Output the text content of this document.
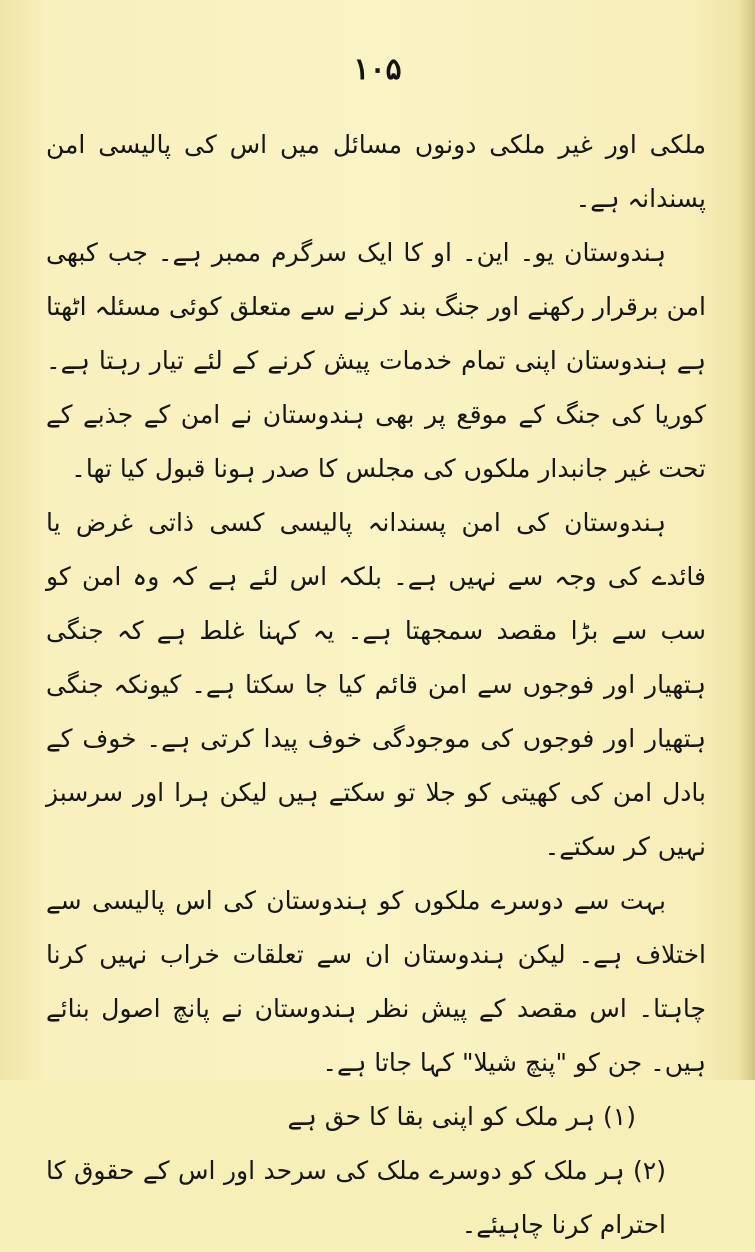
۱۰۵

ملکی اور غیر ملکی دونوں مسائل میں اس کی پالیسی امن پسندانہ ہے۔

ہندوستان یو۔ این۔ او کا ایک سرگرم ممبر ہے۔ جب کبھی امن برقرار رکھنے اور جنگ بند کرنے سے متعلق کوئی مسئلہ اٹھتا ہے ہندوستان اپنی تمام خدمات پیش کرنے کے لئے تیار رہتا ہے۔ کوریا کی جنگ کے موقع پر بھی ہندوستان نے امن کے جذبے کے تحت غیر جانبدار ملکوں کی مجلس کا صدر ہونا قبول کیا تھا۔

ہندوستان کی امن پسندانہ پالیسی کسی ذاتی غرض یا فائدے کی وجہ سے نہیں ہے۔ بلکہ اس لئے ہے کہ وہ امن کو سب سے بڑا مقصد سمجھتا ہے۔ یہ کہنا غلط ہے کہ جنگی ہتھیار اور فوجوں سے امن قائم کیا جا سکتا ہے۔ کیونکہ جنگی ہتھیار اور فوجوں کی موجودگی خوف پیدا کرتی ہے۔ خوف کے بادل امن کی کھیتی کو جلا تو سکتے ہیں لیکن ہرا اور سرسبز نہیں کر سکتے۔

بہت سے دوسرے ملکوں کو ہندوستان کی اس پالیسی سے اختلاف ہے۔ لیکن ہندوستان ان سے تعلقات خراب نہیں کرنا چاہتا۔ اس مقصد کے پیش نظر ہندوستان نے پانچ اصول بنائے ہیں۔ جن کو "پنچ شیلا" کہا جاتا ہے۔

(۱) ہر ملک کو اپنی بقا کا حق ہے

(۲) ہر ملک کو دوسرے ملک کی سرحد اور اس کے حقوق کا احترام کرنا چاہیئے۔
